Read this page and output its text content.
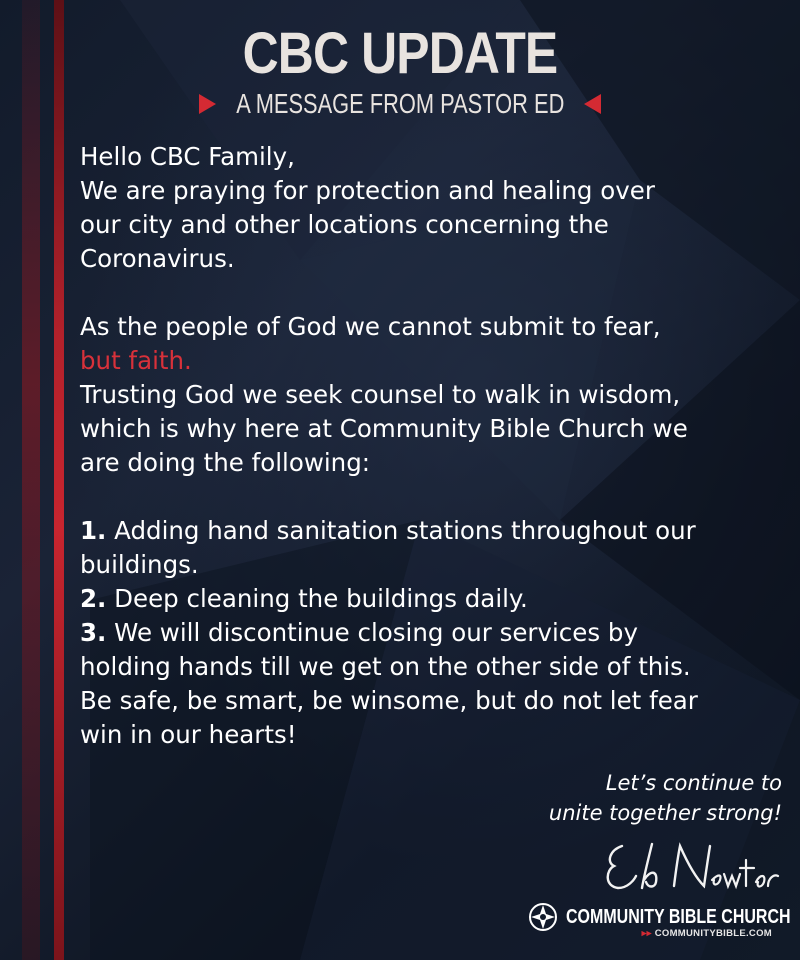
CBC UPDATE
A MESSAGE FROM PASTOR ED

Hello CBC Family,

We are praying for protection and healing over

our city and other locations concerning the

Coronavirus.

As the people of God we cannot submit to fear,

but faith.

Trusting God we seek counsel to walk in wisdom,

which is why here at Community Bible Church we

are doing the following:

1. Adding hand sanitation stations throughout our

buildings.

2. Deep cleaning the buildings daily.

3. We will discontinue closing our services by

holding hands till we get on the other side of this.

Be safe, be smart, be winsome, but do not let fear

win in our hearts!

Let’s continue to

unite together strong!

COMMUNITY BIBLE CHURCH
▸▸ COMMUNITYBIBLE.COM
